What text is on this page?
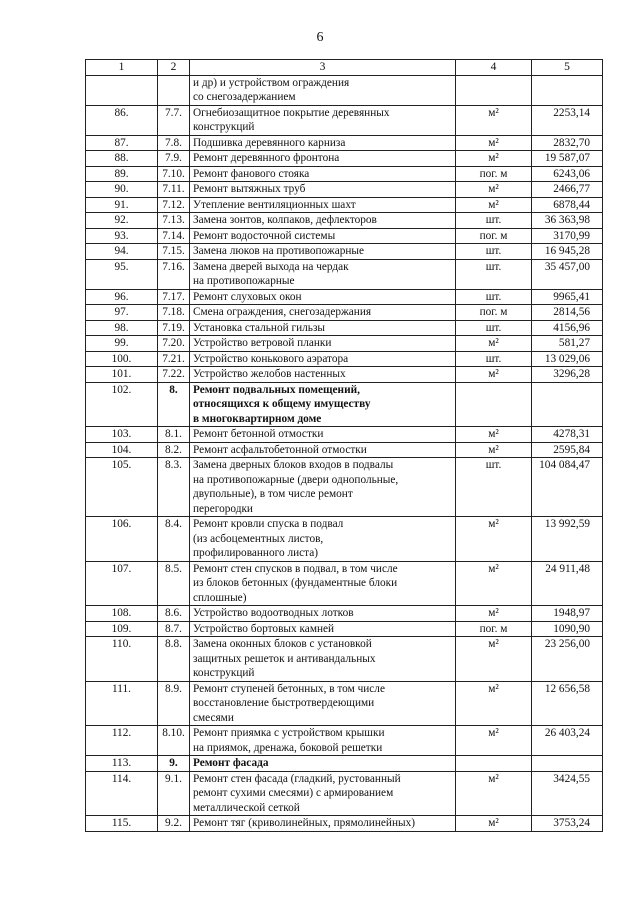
6
1	2	3	4	5
		и др) и устройством ограждения
со снегозадержанием		
86.	7.7.	Огнебиозащитное покрытие деревянных
конструкций	м²	2253,14
87.	7.8.	Подшивка деревянного карниза	м²	2832,70
88.	7.9.	Ремонт деревянного фронтона	м²	19 587,07
89.	7.10.	Ремонт фанового стояка	пог. м	6243,06
90.	7.11.	Ремонт вытяжных труб	м²	2466,77
91.	7.12.	Утепление вентиляционных шахт	м²	6878,44
92.	7.13.	Замена зонтов, колпаков, дефлекторов	шт.	36 363,98
93.	7.14.	Ремонт водосточной системы	пог. м	3170,99
94.	7.15.	Замена люков на противопожарные	шт.	16 945,28
95.	7.16.	Замена дверей выхода на чердак
на противопожарные	шт.	35 457,00
96.	7.17.	Ремонт слуховых окон	шт.	9965,41
97.	7.18.	Смена ограждения, снегозадержания	пог. м	2814,56
98.	7.19.	Установка стальной гильзы	шт.	4156,96
99.	7.20.	Устройство ветровой планки	м²	581,27
100.	7.21.	Устройство конькового аэратора	шт.	13 029,06
101.	7.22.	Устройство желобов настенных	м²	3296,28
102.	8.	Ремонт подвальных помещений,
относящихся к общему имуществу
в многоквартирном доме		
103.	8.1.	Ремонт бетонной отмостки	м²	4278,31
104.	8.2.	Ремонт асфальтобетонной отмостки	м²	2595,84
105.	8.3.	Замена дверных блоков входов в подвалы
на противопожарные (двери однопольные,
двупольные), в том числе ремонт
перегородки	шт.	104 084,47
106.	8.4.	Ремонт кровли спуска в подвал
(из асбоцементных листов,
профилированного листа)	м²	13 992,59
107.	8.5.	Ремонт стен спусков в подвал, в том числе
из блоков бетонных (фундаментные блоки
сплошные)	м²	24 911,48
108.	8.6.	Устройство водоотводных лотков	м²	1948,97
109.	8.7.	Устройство бортовых камней	пог. м	1090,90
110.	8.8.	Замена оконных блоков с установкой
защитных решеток и антивандальных
конструкций	м²	23 256,00
111.	8.9.	Ремонт ступеней бетонных, в том числе
восстановление быстротвердеющими
смесями	м²	12 656,58
112.	8.10.	Ремонт приямка с устройством крышки
на приямок, дренажа, боковой решетки	м²	26 403,24
113.	9.	Ремонт фасада		
114.	9.1.	Ремонт стен фасада (гладкий, рустованный
ремонт сухими смесями) с армированием
металлической сеткой	м²	3424,55
115.	9.2.	Ремонт тяг (криволинейных, прямолинейных)	м²	3753,24
